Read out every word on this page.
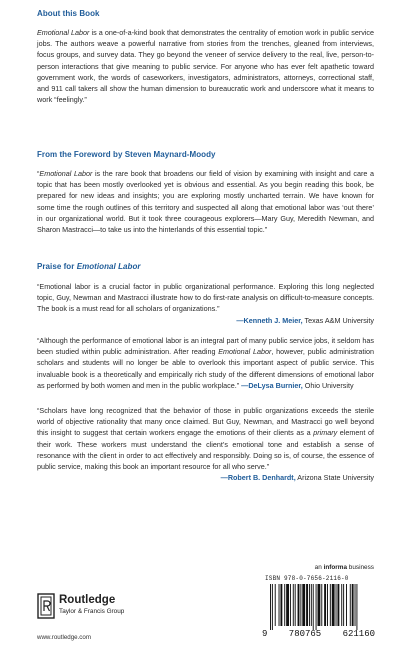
About this Book

Emotional Labor is a one-of-a-kind book that demonstrates the centrality of emotion work in public service jobs. The authors weave a powerful narrative from stories from the trenches, gleaned from interviews, focus groups, and survey data. They go beyond the veneer of service delivery to the real, live, person-to-person interactions that give meaning to public service. For anyone who has ever felt apathetic toward government work, the words of caseworkers, investigators, administrators, attorneys, correctional staff, and 911 call takers all show the human dimension to bureaucratic work and underscore what it means to work “feelingly.”

From the Foreword by Steven Maynard-Moody

“Emotional Labor is the rare book that broadens our field of vision by examining with insight and care a topic that has been mostly overlooked yet is obvious and essential. As you begin reading this book, be prepared for new ideas and insights; you are exploring mostly uncharted terrain. We have known for some time the rough outlines of this territory and suspected all along that emotional labor was ‘out there’ in our organizational world. But it took three courageous explorers—Mary Guy, Meredith Newman, and Sharon Mastracci—to take us into the hinterlands of this essential topic.”

Praise for Emotional Labor

“Emotional labor is a crucial factor in public organizational performance. Exploring this long neglected topic, Guy, Newman and Mastracci illustrate how to do first-rate analysis on difficult-to-measure concepts. The book is a must read for all scholars of organizations.”
—Kenneth J. Meier, Texas A&M University

“Although the performance of emotional labor is an integral part of many public service jobs, it seldom has been studied within public administration. After reading Emotional Labor, however, public administration scholars and students will no longer be able to overlook this important aspect of public service. This invaluable book is a theoretically and empirically rich study of the different dimensions of emotional labor as performed by both women and men in the public workplace.” —DeLysa Burnier, Ohio University

“Scholars have long recognized that the behavior of those in public organizations exceeds the sterile world of objective rationality that many once claimed. But Guy, Newman, and Mastracci go well beyond this insight to suggest that certain workers engage the emotions of their clients as a primary element of their work. These workers must understand the client’s emotional tone and establish a sense of resonance with the client in order to act effectively and responsibly. Doing so is, of course, the essence of public service, making this book an important resource for all who serve.”
—Robert B. Denhardt, Arizona State University

an informa business
Routledge
Taylor & Francis Group
www.routledge.com
ISBN 978-0-7656-2116-0
9 780765 621160
